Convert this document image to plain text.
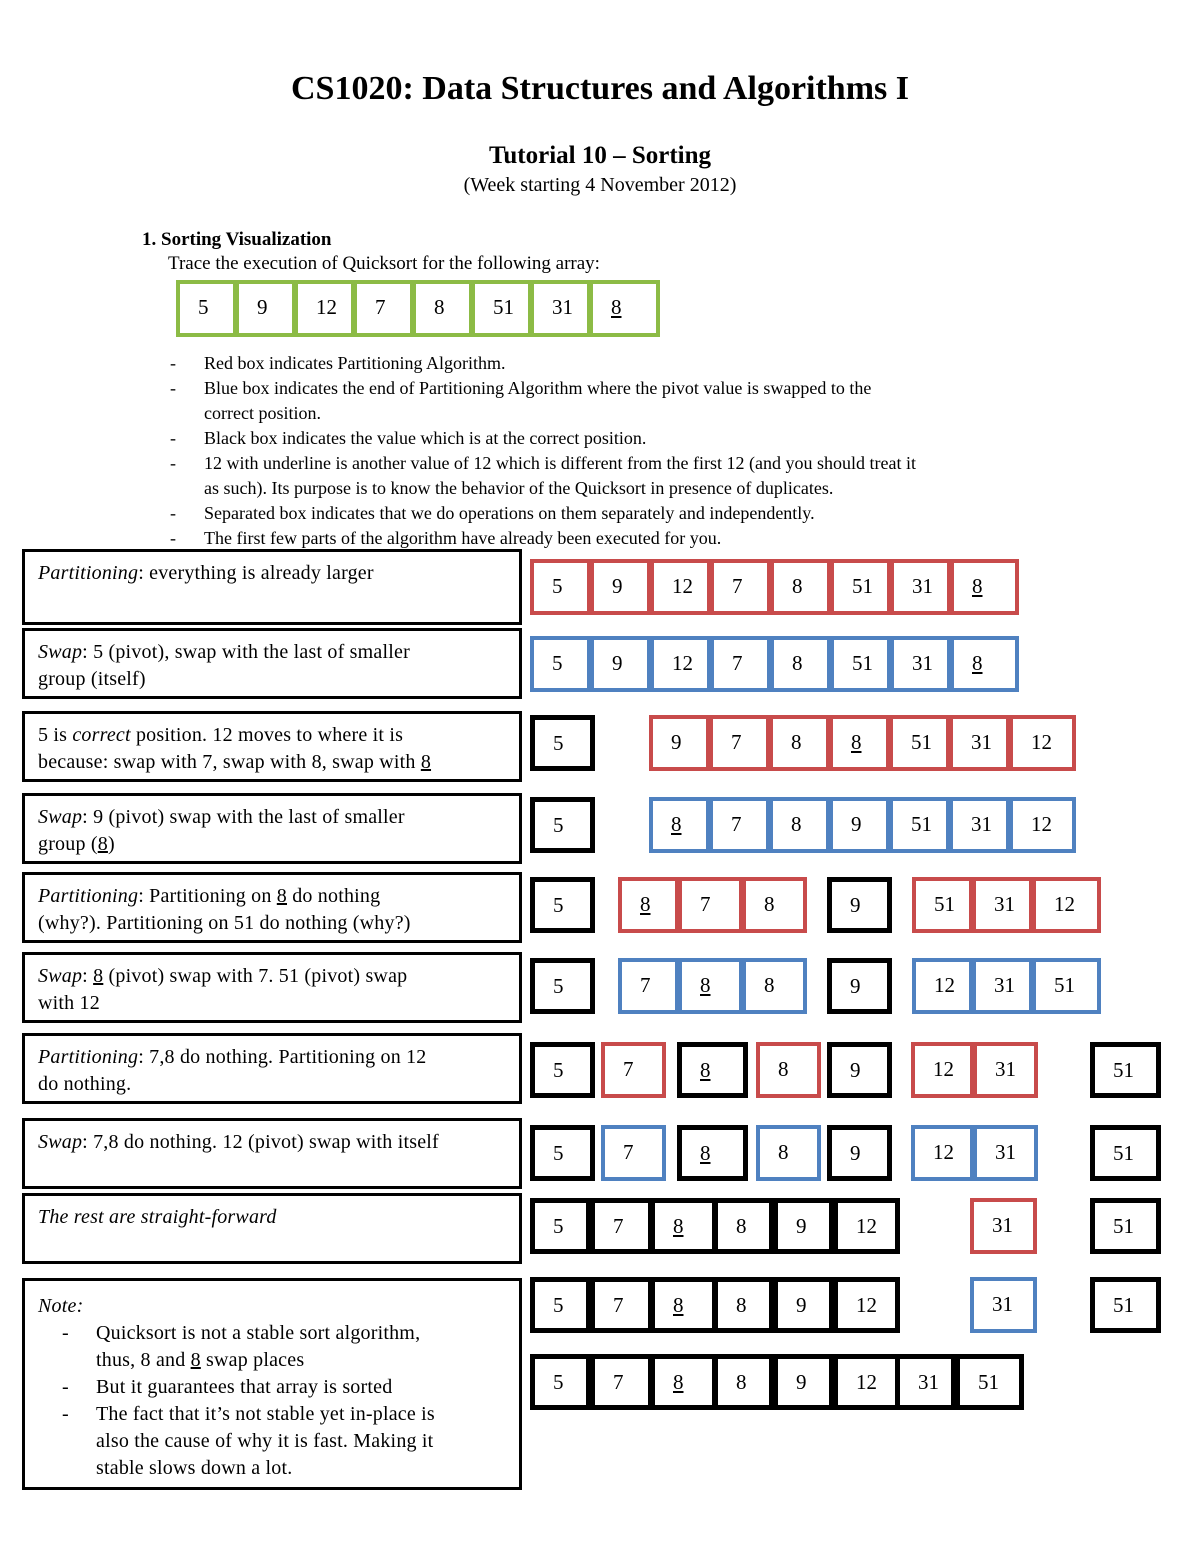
CS1020: Data Structures and Algorithms I
Tutorial 10 – Sorting
(Week starting 4 November 2012)
1. Sorting Visualization
Trace the execution of Quicksort for the following array:
5	9	12	7	8	51	31	8
- Red box indicates Partitioning Algorithm.
- Blue box indicates the end of Partitioning Algorithm where the pivot value is swapped to the
correct position.
- Black box indicates the value which is at the correct position.
- 12 with underline is another value of 12 which is different from the first 12 (and you should treat it
as such). Its purpose is to know the behavior of the Quicksort in presence of duplicates.
- Separated box indicates that we do operations on them separately and independently.
- The first few parts of the algorithm have already been executed for you.
Partitioning: everything is already larger
Swap: 5 (pivot), swap with the last of smaller
group (itself)
5 is correct position. 12 moves to where it is
because: swap with 7, swap with 8, swap with 8
Swap: 9 (pivot) swap with the last of smaller
group (8)
Partitioning: Partitioning on 8 do nothing
(why?). Partitioning on 51 do nothing (why?)
Swap: 8 (pivot) swap with 7. 51 (pivot) swap
with 12
Partitioning: 7,8 do nothing. Partitioning on 12
do nothing.
Swap: 7,8 do nothing. 12 (pivot) swap with itself
The rest are straight-forward
Note:
- Quicksort is not a stable sort algorithm,
thus, 8 and 8 swap places
- But it guarantees that array is sorted
- The fact that it’s not stable yet in-place is
also the cause of why it is fast. Making it
stable slows down a lot.
5	9	12	7	8	51	31	8
5	9	12	7	8	51	31	8
5	9	7	8	8	51	31	12
5	8	7	8	9	51	31	12
5	8	7	8	9	51	31	12
5	7	8	8	9	12	31	51
5	7	8	8	9	12	31	51
5	7	8	8	9	12	31	51
5	7	8	8	9	12	31	51
5	7	8	8	9	12	31	51
5	7	8	8	9	12	31	51
